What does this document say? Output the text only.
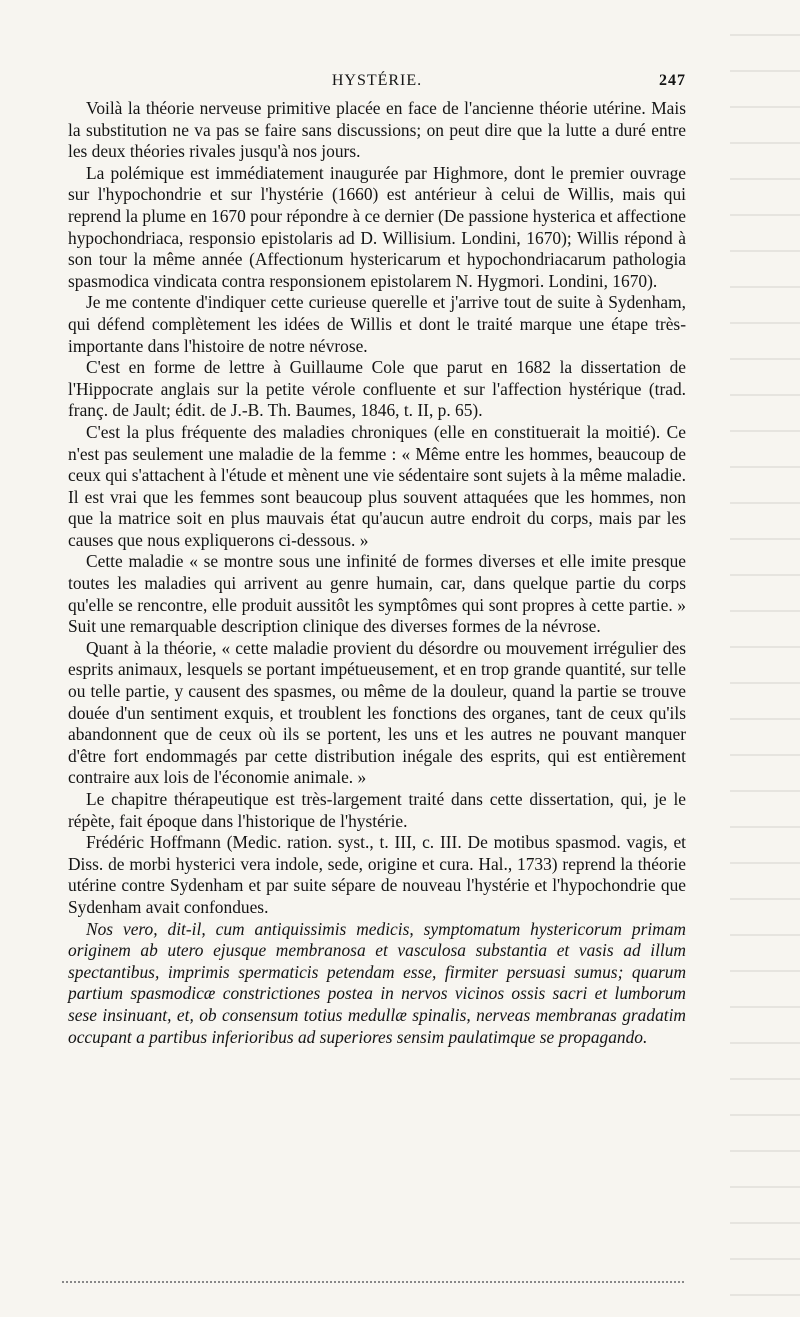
HYSTÉRIE.	247

Voilà la théorie nerveuse primitive placée en face de l'ancienne théorie utérine. Mais la substitution ne va pas se faire sans discussions; on peut dire que la lutte a duré entre les deux théories rivales jusqu'à nos jours.

La polémique est immédiatement inaugurée par Highmore, dont le premier ouvrage sur l'hypochondrie et sur l'hystérie (1660) est antérieur à celui de Willis, mais qui reprend la plume en 1670 pour répondre à ce dernier (De passione hysterica et affectione hypochondriaca, responsio epistolaris ad D. Willisium. Londini, 1670); Willis répond à son tour la même année (Affectionum hystericarum et hypochondriacarum pathologia spasmodica vindicata contra responsionem epistolarem N. Hygmori. Londini, 1670).

Je me contente d'indiquer cette curieuse querelle et j'arrive tout de suite à Sydenham, qui défend complètement les idées de Willis et dont le traité marque une étape très-importante dans l'histoire de notre névrose.

C'est en forme de lettre à Guillaume Cole que parut en 1682 la dissertation de l'Hippocrate anglais sur la petite vérole confluente et sur l'affection hystérique (trad. franç. de Jault; édit. de J.-B. Th. Baumes, 1846, t. II, p. 65).

C'est la plus fréquente des maladies chroniques (elle en constituerait la moitié). Ce n'est pas seulement une maladie de la femme : « Même entre les hommes, beaucoup de ceux qui s'attachent à l'étude et mènent une vie sédentaire sont sujets à la même maladie. Il est vrai que les femmes sont beaucoup plus souvent attaquées que les hommes, non que la matrice soit en plus mauvais état qu'aucun autre endroit du corps, mais par les causes que nous expliquerons ci-dessous. »

Cette maladie « se montre sous une infinité de formes diverses et elle imite presque toutes les maladies qui arrivent au genre humain, car, dans quelque partie du corps qu'elle se rencontre, elle produit aussitôt les symptômes qui sont propres à cette partie. » Suit une remarquable description clinique des diverses formes de la névrose.

Quant à la théorie, « cette maladie provient du désordre ou mouvement irrégulier des esprits animaux, lesquels se portant impétueusement, et en trop grande quantité, sur telle ou telle partie, y causent des spasmes, ou même de la douleur, quand la partie se trouve douée d'un sentiment exquis, et troublent les fonctions des organes, tant de ceux qu'ils abandonnent que de ceux où ils se portent, les uns et les autres ne pouvant manquer d'être fort endommagés par cette distribution inégale des esprits, qui est entièrement contraire aux lois de l'économie animale. »

Le chapitre thérapeutique est très-largement traité dans cette dissertation, qui, je le répète, fait époque dans l'historique de l'hystérie.

Frédéric Hoffmann (Medic. ration. syst., t. III, c. III. De motibus spasmod. vagis, et Diss. de morbi hysterici vera indole, sede, origine et cura. Hal., 1733) reprend la théorie utérine contre Sydenham et par suite sépare de nouveau l'hystérie et l'hypochondrie que Sydenham avait confondues.

Nos vero, dit-il, cum antiquissimis medicis, symptomatum hystericorum primam originem ab utero ejusque membranosa et vasculosa substantia et vasis ad illum spectantibus, imprimis spermaticis petendam esse, firmiter persuasi sumus; quarum partium spasmodicæ constrictiones postea in nervos vicinos ossis sacri et lumborum sese insinuant, et, ob consensum totius medullæ spinalis, nerveas membranas gradatim occupant a partibus inferioribus ad superiores sensim paulatimque se propagando.
